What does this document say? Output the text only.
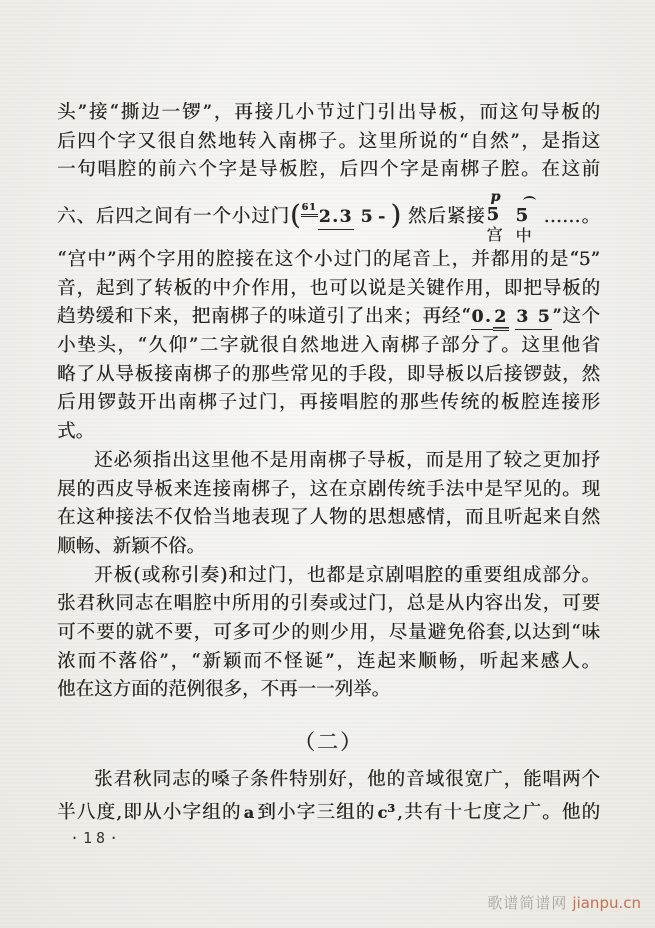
头”接“撕边一锣”，再接几小节过门引出导板，而这句导板的
后四个字又很自然地转入南梆子。这里所说的“自然”，是指这
一句唱腔的前六个字是导板腔，后四个字是南梆子腔。在这前
六、后四之间有一个小过门(61 2.3 5 - ) 然后紧接
p
5
宫
5
中
……。
“宫中”两个字用的腔接在这个小过门的尾音上，并都用的是“5”
音，起到了转板的中介作用，也可以说是关键作用，即把导板的
趋势缓和下来，把南梆子的味道引了出来；再经“0. 2 3 5”这个
小垫头，“久仰”二字就很自然地进入南梆子部分了。这里他省
略了从导板接南梆子的那些常见的手段，即导板以后接锣鼓，然
后用锣鼓开出南梆子过门，再接唱腔的那些传统的板腔连接形
式。
还必须指出这里他不是用南梆子导板，而是用了较之更加抒
展的西皮导板来连接南梆子，这在京剧传统手法中是罕见的。现
在这种接法不仅恰当地表现了人物的思想感情，而且听起来自然
顺畅、新颖不俗。
开板(或称引奏)和过门，也都是京剧唱腔的重要组成部分。
张君秋同志在唱腔中所用的引奏或过门，总是从内容出发，可要
可不要的就不要，可多可少的则少用，尽量避免俗套,以达到“味
浓而不落俗”，“新颖而不怪诞”，连起来顺畅，听起来感人。
他在这方面的范例很多，不再一一列举。
（二）
张君秋同志的嗓子条件特别好，他的音域很宽广，能唱两个
半八度,即从小字组的 a 到小字三组的 $c^3$ ,共有十七度之广。他的
·18·
歌谱简谱网 jianpu.cn
